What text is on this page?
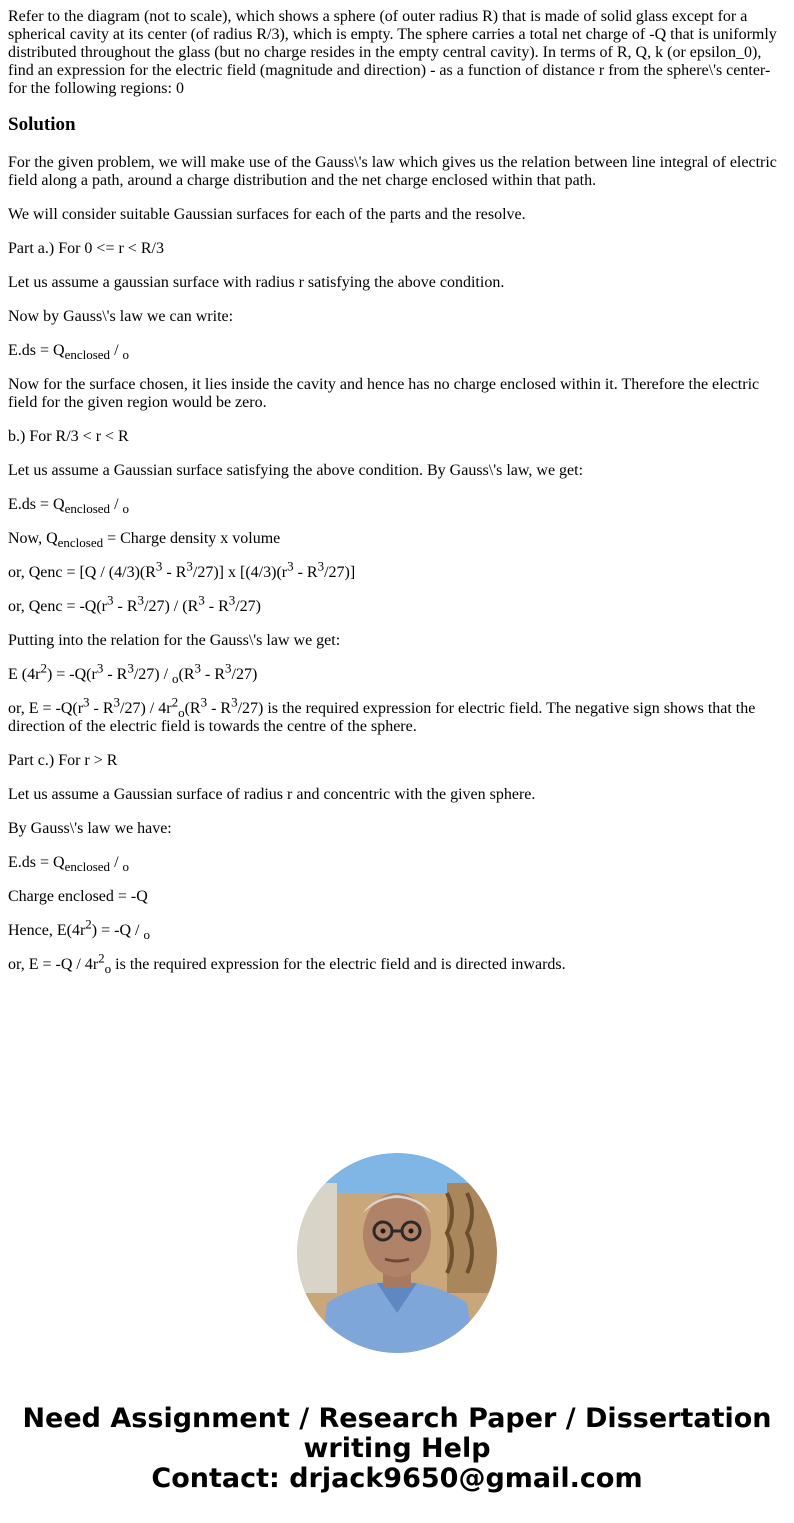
Refer to the diagram (not to scale), which shows a sphere (of outer radius R) that is made of solid glass except for a spherical cavity at its center (of radius R/3), which is empty. The sphere carries a total net charge of -Q that is uniformly distributed throughout the glass (but no charge resides in the empty central cavity). In terms of R, Q, k (or epsilon_0), find an expression for the electric field (magnitude and direction) - as a function of distance r from the sphere\'s center- for the following regions: 0

Solution

For the given problem, we will make use of the Gauss\'s law which gives us the relation between line integral of electric field along a path, around a charge distribution and the net charge enclosed within that path.

We will consider suitable Gaussian surfaces for each of the parts and the resolve.

Part a.) For 0 <= r < R/3

Let us assume a gaussian surface with radius r satisfying the above condition.

Now by Gauss\'s law we can write:

$E.ds = Q_{enclosed} / _o$

Now for the surface chosen, it lies inside the cavity and hence has no charge enclosed within it. Therefore the electric field for the given region would be zero.

b.) For R/3 < r < R

Let us assume a Gaussian surface satisfying the above condition. By Gauss\'s law, we get:

$E.ds = Q_{enclosed} / _o$

Now, $Q_{enclosed}$ = Charge density x volume

or, Qenc = $[Q / (4/3)(R^3 - R^3/27)]$ x $[(4/3)(r^3 - R^3/27)]$

or, Qenc = $-Q(r^3 - R^3/27) / (R^3 - R^3/27)$

Putting into the relation for the Gauss\'s law we get:

E $(4r^2) = -Q(r^3 - R^3/27) / _o(R^3 - R^3/27)$

or, $E = -Q(r^3 - R^3/27) / 4r^2_o(R^3 - R^3/27)$ is the required expression for electric field. The negative sign shows that the direction of the electric field is towards the centre of the sphere.

Part c.) For r > R

Let us assume a Gaussian surface of radius r and concentric with the given sphere.

By Gauss\'s law we have:

$E.ds = Q_{enclosed} / _o$

Charge enclosed = -Q

Hence, $E(4r^2) = -Q / _o$

or, $E = -Q / 4r^2_o$ is the required expression for the electric field and is directed inwards.

Need Assignment / Research Paper / Dissertation
writing Help
Contact: drjack9650@gmail.com
